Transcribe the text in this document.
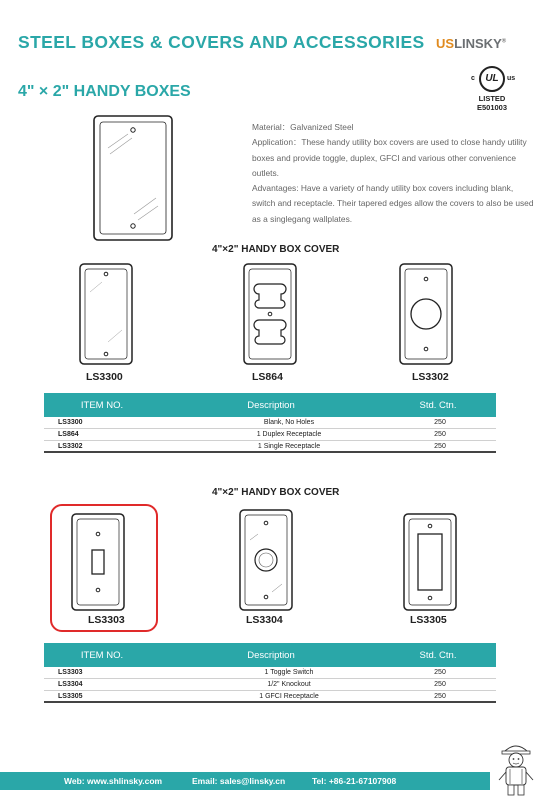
STEEL BOXES & COVERS AND ACCESSORIES USLINSKY®
4" × 2" HANDY BOXES
c	UL	us
LISTED
E501003

Material：Galvanized Steel

Application：These handy utility box covers are used to close handy utility boxes and provide toggle, duplex, GFCI and various other convenience outlets.

Advantages: Have a variety of handy utility box covers including blank, switch and receptacle. Their tapered edges allow the covers to also be used as a singlegang wallplates.

4"×2" HANDY BOX COVER
LS3300	LS864	LS3302
ITEM NO.	Description	Std. Ctn.
LS3300	Blank, No Holes	250
LS864	1 Duplex Receptacle	250
LS3302	1 Single Receptacle	250
4"×2" HANDY BOX COVER
LS3303	LS3304	LS3305
ITEM NO.	Description	Std. Ctn.
LS3303	1 Toggle Switch	250
LS3304	1/2" Knockout	250
LS3305	1 GFCI Receptacle	250
Web: www.shlinsky.com	Email: sales@linsky.cn	Tel: +86-21-67107908
